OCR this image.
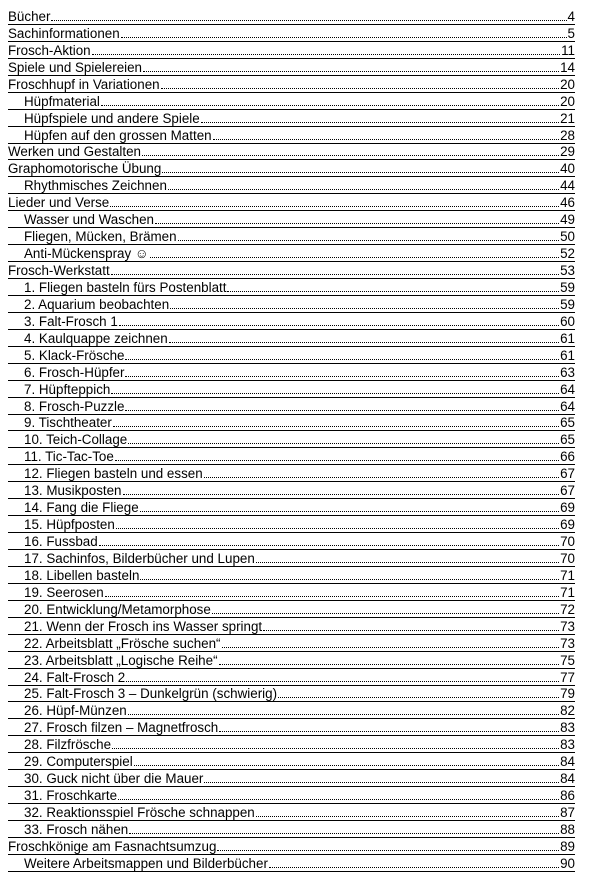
Bücher	4
Sachinformationen	5
Frosch-Aktion	11
Spiele und Spielereien	14
Froschhupf in Variationen	20
Hüpfmaterial	20
Hüpfspiele und andere Spiele	21
Hüpfen auf den grossen Matten	28
Werken und Gestalten	29
Graphomotorische Übung	40
Rhythmisches Zeichnen	44
Lieder und Verse	46
Wasser und Waschen	49
Fliegen, Mücken, Brämen	50
Anti-Mückenspray ☺	52
Frosch-Werkstatt	53
1. Fliegen basteln fürs Postenblatt	59
2. Aquarium beobachten	59
3. Falt-Frosch 1	60
4. Kaulquappe zeichnen	61
5. Klack-Frösche	61
6. Frosch-Hüpfer	63
7. Hüpfteppich	64
8. Frosch-Puzzle	64
9. Tischtheater	65
10. Teich-Collage	65
11. Tic-Tac-Toe	66
12. Fliegen basteln und essen	67
13. Musikposten	67
14. Fang die Fliege	69
15. Hüpfposten	69
16. Fussbad	70
17. Sachinfos, Bilderbücher und Lupen	70
18. Libellen basteln	71
19. Seerosen	71
20. Entwicklung/Metamorphose	72
21. Wenn der Frosch ins Wasser springt	73
22. Arbeitsblatt „Frösche suchen“	73
23. Arbeitsblatt „Logische Reihe“	75
24. Falt-Frosch 2	77
25. Falt-Frosch 3 – Dunkelgrün (schwierig)	79
26. Hüpf-Münzen	82
27. Frosch filzen – Magnetfrosch	83
28. Filzfrösche	83
29. Computerspiel	84
30. Guck nicht über die Mauer	84
31. Froschkarte	86
32. Reaktionsspiel Frösche schnappen	87
33. Frosch nähen	88
Froschkönige am Fasnachtsumzug	89
Weitere Arbeitsmappen und Bilderbücher	90
